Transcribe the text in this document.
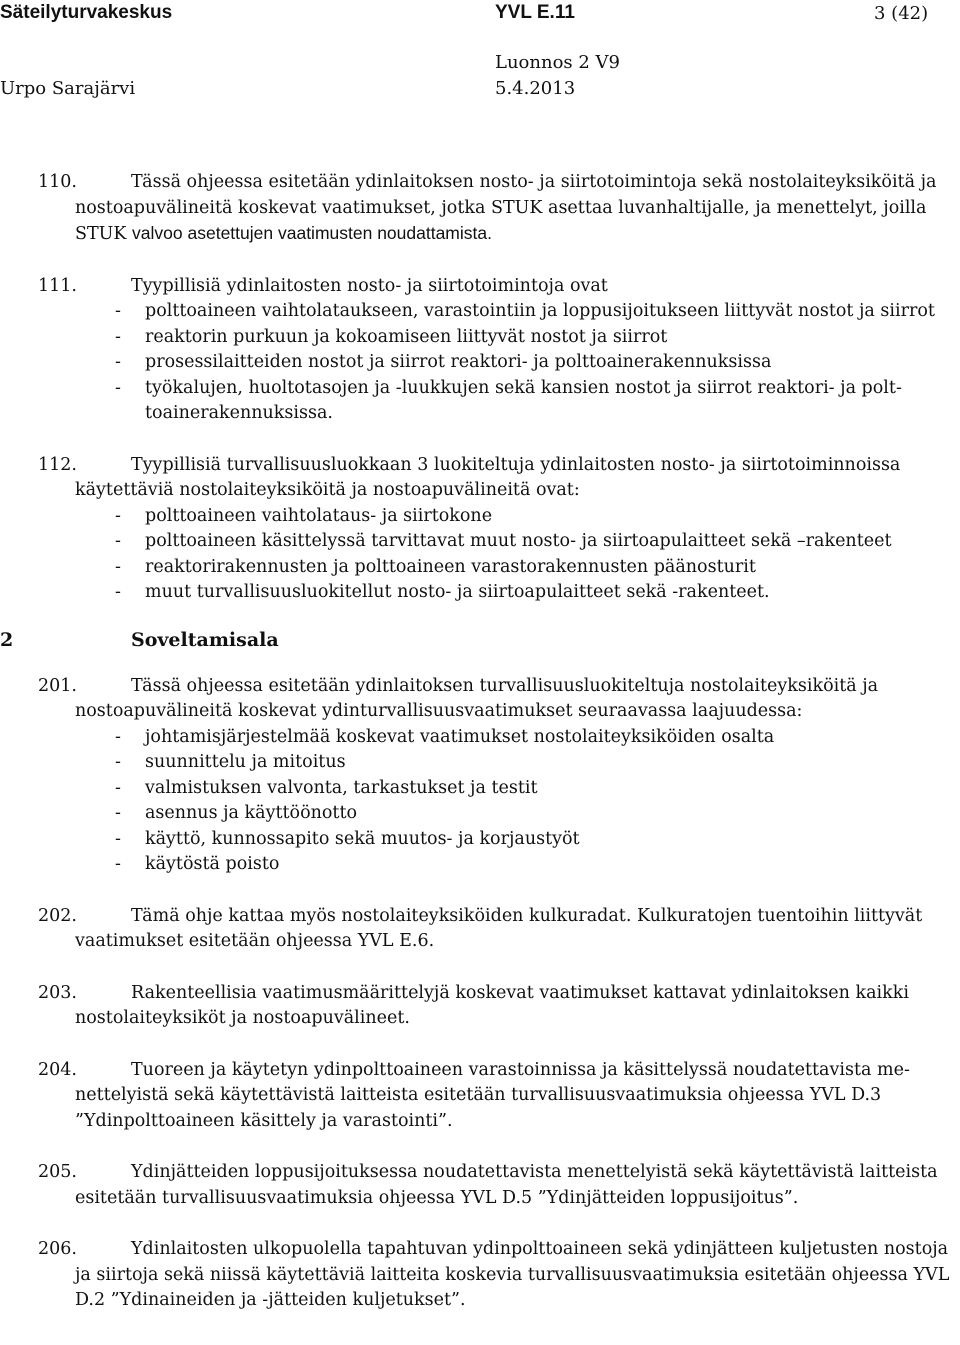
Säteilyturvakeskus	YVL E.11	3 (42)
Luonnos 2 V9
Urpo Sarajärvi	5.4.2013
110.	Tässä ohjeessa esitetään ydinlaitoksen nosto- ja siirtotoimintoja sekä nostolaiteyksiköitä ja nostoapuvälineitä koskevat vaatimukset, jotka STUK asettaa luvanhaltijalle, ja menettelyt, joilla STUK valvoo asetettujen vaatimusten noudattamista.
111.	Tyypillisiä ydinlaitosten nosto- ja siirtotoimintoja ovat
- polttoaineen vaihtolataukseen, varastointiin ja loppusijoitukseen liittyvät nostot ja siirrot
- reaktorin purkuun ja kokoamiseen liittyvät nostot ja siirrot
- prosessilaitteiden nostot ja siirrot reaktori- ja polttoainerakennuksissa
- työkalujen, huoltotasojen ja -luukkujen sekä kansien nostot ja siirrot reaktori- ja polttoainerakennuksissa.
112.	Tyypillisiä turvallisuusluokkaan 3 luokiteltuja ydinlaitosten nosto- ja siirtotoiminnoissa käytettäviä nostolaiteyksiköitä ja nostoapuvälineitä ovat:
- polttoaineen vaihtolataus- ja siirtokone
- polttoaineen käsittelyssä tarvittavat muut nosto- ja siirtoapulaitteet sekä –rakenteet
- reaktorirakennusten ja polttoaineen varastorakennusten päänosturit
- muut turvallisuusluokitellut nosto- ja siirtoapulaitteet sekä -rakenteet.
2	Soveltamisala
201.	Tässä ohjeessa esitetään ydinlaitoksen turvallisuusluokiteltuja nostolaiteyksiköitä ja nostoapuvälineitä koskevat ydinturvallisuusvaatimukset seuraavassa laajuudessa:
- johtamisjärjestelmää koskevat vaatimukset nostolaiteyksiköiden osalta
- suunnittelu ja mitoitus
- valmistuksen valvonta, tarkastukset ja testit
- asennus ja käyttöönotto
- käyttö, kunnossapito sekä muutos- ja korjaustyöt
- käytöstä poisto
202.	Tämä ohje kattaa myös nostolaiteyksiköiden kulkuradat. Kulkuratojen tuentoihin liittyvät vaatimukset esitetään ohjeessa YVL E.6.
203.	Rakenteellisia vaatimusmäärittelyjä koskevat vaatimukset kattavat ydinlaitoksen kaikki nostolaiteyksiköt ja nostoapuvälineet.
204.	Tuoreen ja käytetyn ydinpolttoaineen varastoinnissa ja käsittelyssä noudatettavista menettelyistä sekä käytettävistä laitteista esitetään turvallisuusvaatimuksia ohjeessa YVL D.3 ”Ydinpolttoaineen käsittely ja varastointi”.
205.	Ydinjätteiden loppusijoituksessa noudatettavista menettelyistä sekä käytettävistä laitteista esitetään turvallisuusvaatimuksia ohjeessa YVL D.5 ”Ydinjätteiden loppusijoitus”.
206.	Ydinlaitosten ulkopuolella tapahtuvan ydinpolttoaineen sekä ydinjätteen kuljetusten nostoja ja siirtoja sekä niissä käytettäviä laitteita koskevia turvallisuusvaatimuksia esitetään ohjeessa YVL D.2 ”Ydinaineiden ja -jätteiden kuljetukset”.
